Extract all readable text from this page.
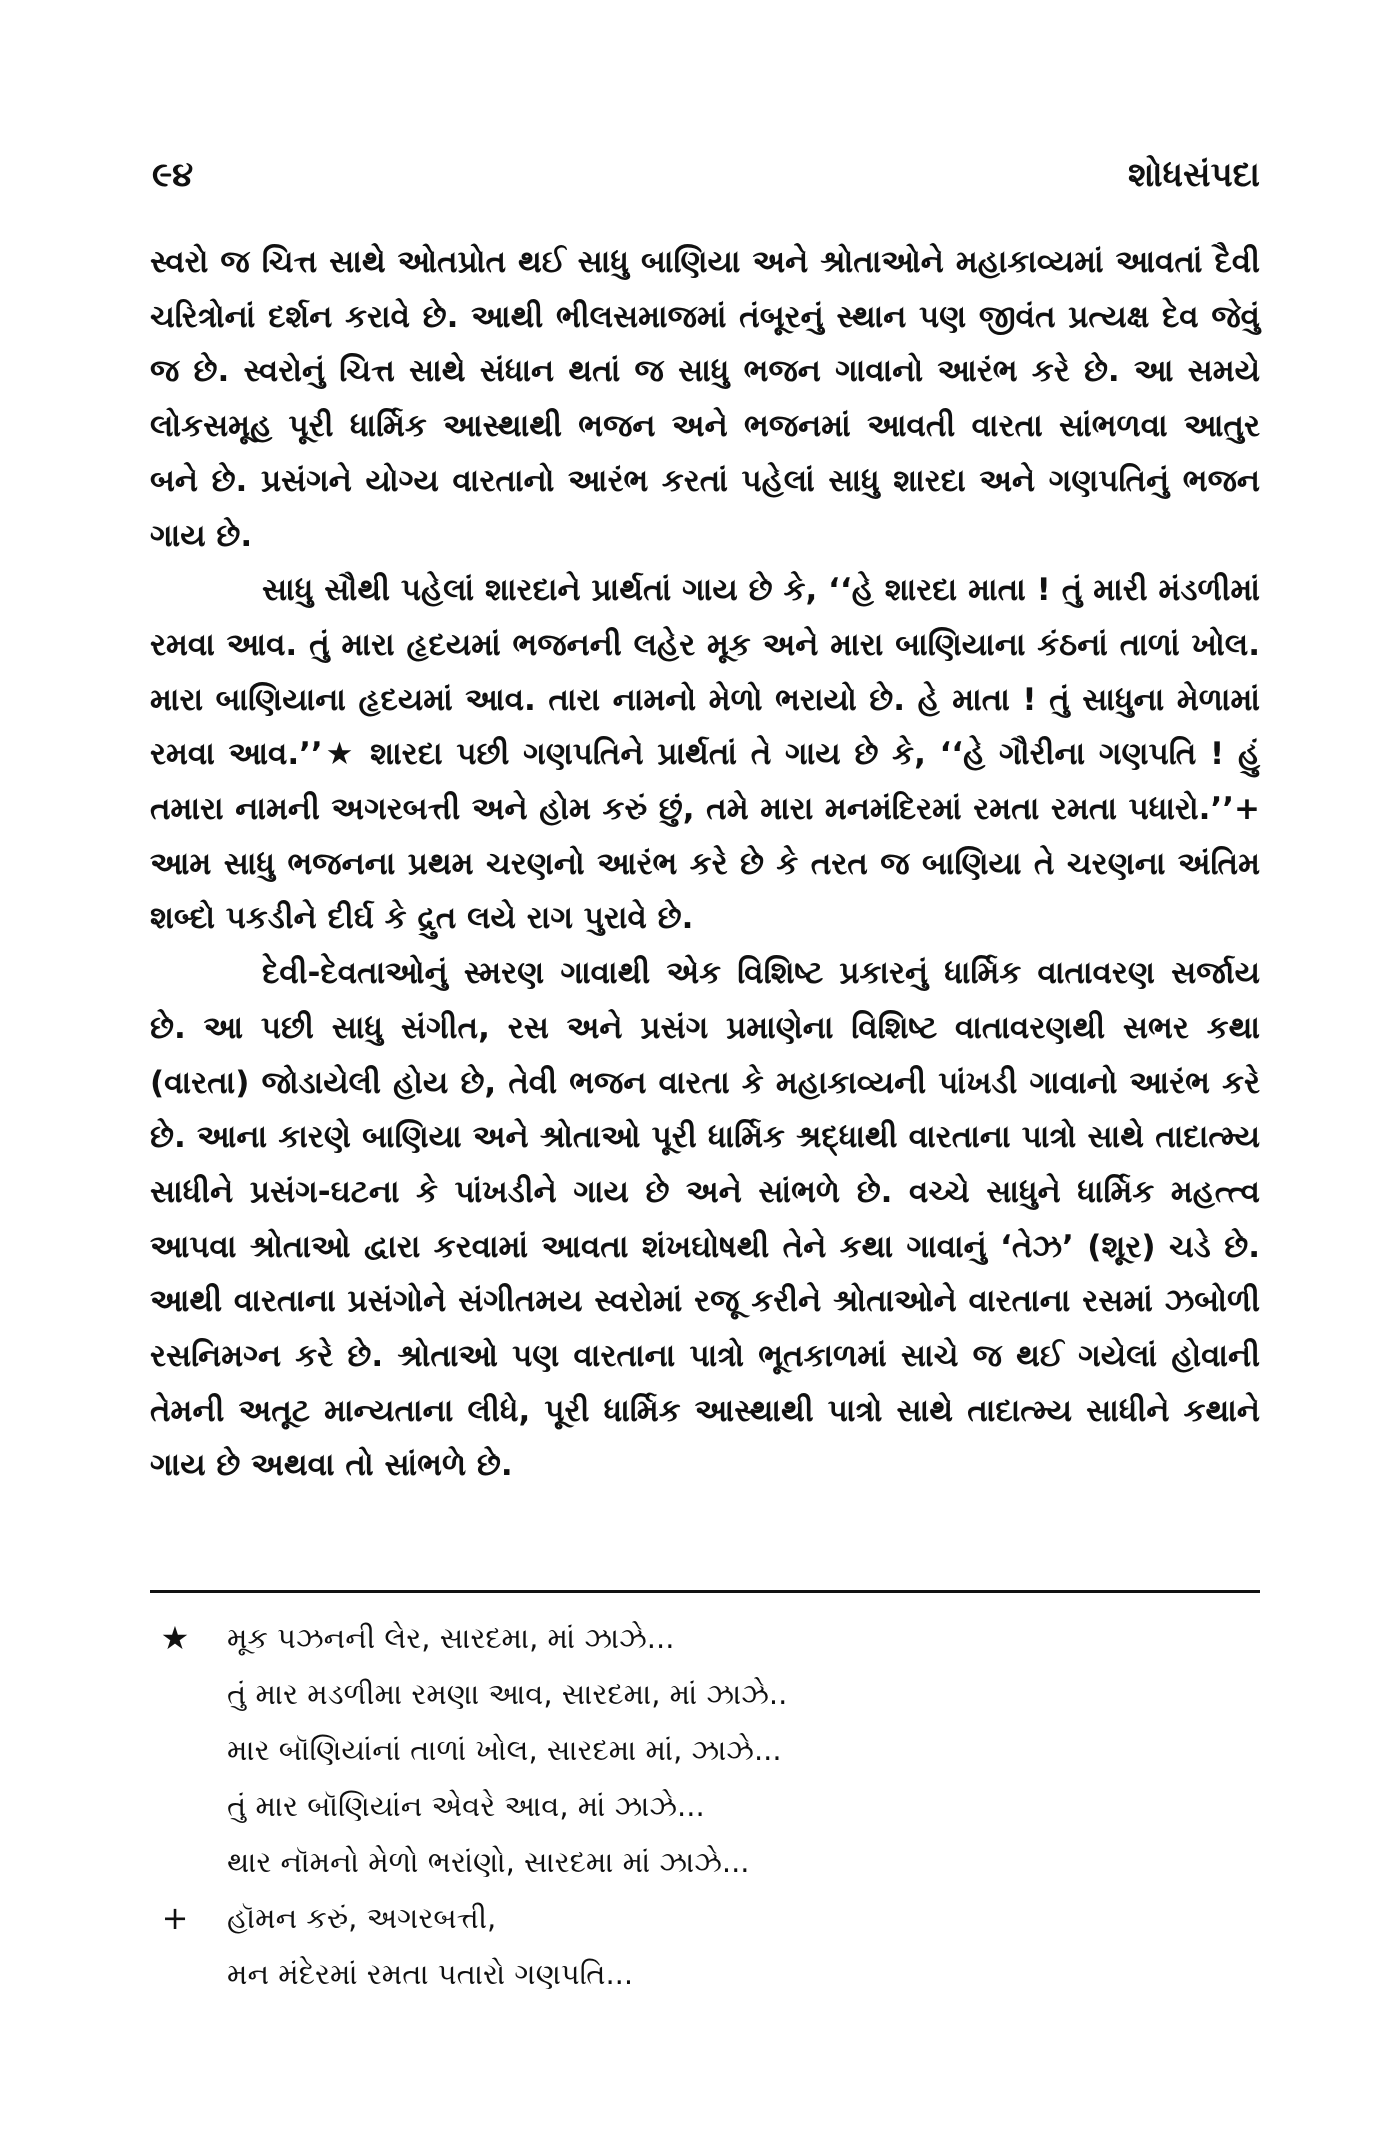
૯૪	શોધસંપદા

સ્વરો જ ચિત્ત સાથે ઓતપ્રોત થઈ સાધુ બાણિયા અને શ્રોતાઓને મહાકાવ્યમાં આવતાં દૈવી ચરિત્રોનાં દર્શન કરાવે છે. આથી ભીલસમાજમાં તંબૂરનું સ્થાન પણ જીવંત પ્રત્યક્ષ દેવ જેવું જ છે. સ્વરોનું ચિત્ત સાથે સંધાન થતાં જ સાધુ ભજન ગાવાનો આરંભ કરે છે. આ સમયે લોકસમૂહ પૂરી ધાર્મિક આસ્થાથી ભજન અને ભજનમાં આવતી વારતા સાંભળવા આતુર બને છે. પ્રસંગને યોગ્ય વારતાનો આરંભ કરતાં પહેલાં સાધુ શારદા અને ગણપતિનું ભજન ગાય છે.

સાધુ સૌથી પહેલાં શારદાને પ્રાર્થતાં ગાય છે કે, ‘‘હે શારદા માતા ! તું મારી મંડળીમાં રમવા આવ. તું મારા હૃદયમાં ભજનની લહેર મૂક અને મારા બાણિયાના કંઠનાં તાળાં ખોલ. મારા બાણિયાના હૃદયમાં આવ. તારા નામનો મેળો ભરાયો છે. હે માતા ! તું સાધુના મેળામાં રમવા આવ.’’★ શારદા પછી ગણપતિને પ્રાર્થતાં તે ગાય છે કે, ‘‘હે ગૌરીના ગણપતિ ! હું તમારા નામની અગરબત્તી અને હોમ કરું છું, તમે મારા મનમંદિરમાં રમતા રમતા પધારો.’’+ આમ સાધુ ભજનના પ્રથમ ચરણનો આરંભ કરે છે કે તરત જ બાણિયા તે ચરણના અંતિમ શબ્દો પકડીને દીર્ઘ કે દ્રુત લયે રાગ પુરાવે છે.

દેવી-દેવતાઓનું સ્મરણ ગાવાથી એક વિશિષ્ટ પ્રકારનું ધાર્મિક વાતાવરણ સર્જાય છે. આ પછી સાધુ સંગીત, રસ અને પ્રસંગ પ્રમાણેના વિશિષ્ટ વાતાવરણથી સભર કથા (વારતા) જોડાયેલી હોય છે, તેવી ભજન વારતા કે મહાકાવ્યની પાંખડી ગાવાનો આરંભ કરે છે. આના કારણે બાણિયા અને શ્રોતાઓ પૂરી ધાર્મિક શ્રદ્ધાથી વારતાના પાત્રો સાથે તાદાત્મ્ય સાધીને પ્રસંગ-ઘટના કે પાંખડીને ગાય છે અને સાંભળે છે. વચ્ચે સાધુને ધાર્મિક મહત્ત્વ આપવા શ્રોતાઓ દ્વારા કરવામાં આવતા શંખઘોષથી તેને કથા ગાવાનું ‘તેઝ’ (શૂર) ચડે છે. આથી વારતાના પ્રસંગોને સંગીતમય સ્વરોમાં રજૂ કરીને શ્રોતાઓને વારતાના રસમાં ઝબોળી રસનિમગ્ન કરે છે. શ્રોતાઓ પણ વારતાના પાત્રો ભૂતકાળમાં સાચે જ થઈ ગયેલાં હોવાની તેમની અતૂટ માન્યતાના લીધે, પૂરી ધાર્મિક આસ્થાથી પાત્રો સાથે તાદાત્મ્ય સાધીને કથાને ગાય છે અથવા તો સાંભળે છે.

★	મૂક પઝનની લેર, સારદમા, માં ઝાઝે...
તું માર મડળીમા રમણા આવ, સારદમા, માં ઝાઝે..
માર બૉણિયાંનાં તાળાં ખોલ, સારદમા માં, ઝાઝે...
તું માર બૉણિયાંન એવરે આવ, માં ઝાઝે...
થાર નૉમનો મેળો ભરાંણો, સારદમા માં ઝાઝે...
+	હૉમન કરું, અગરબત્તી,
મન મંદેરમાં રમતા પતારો ગણપતિ...
